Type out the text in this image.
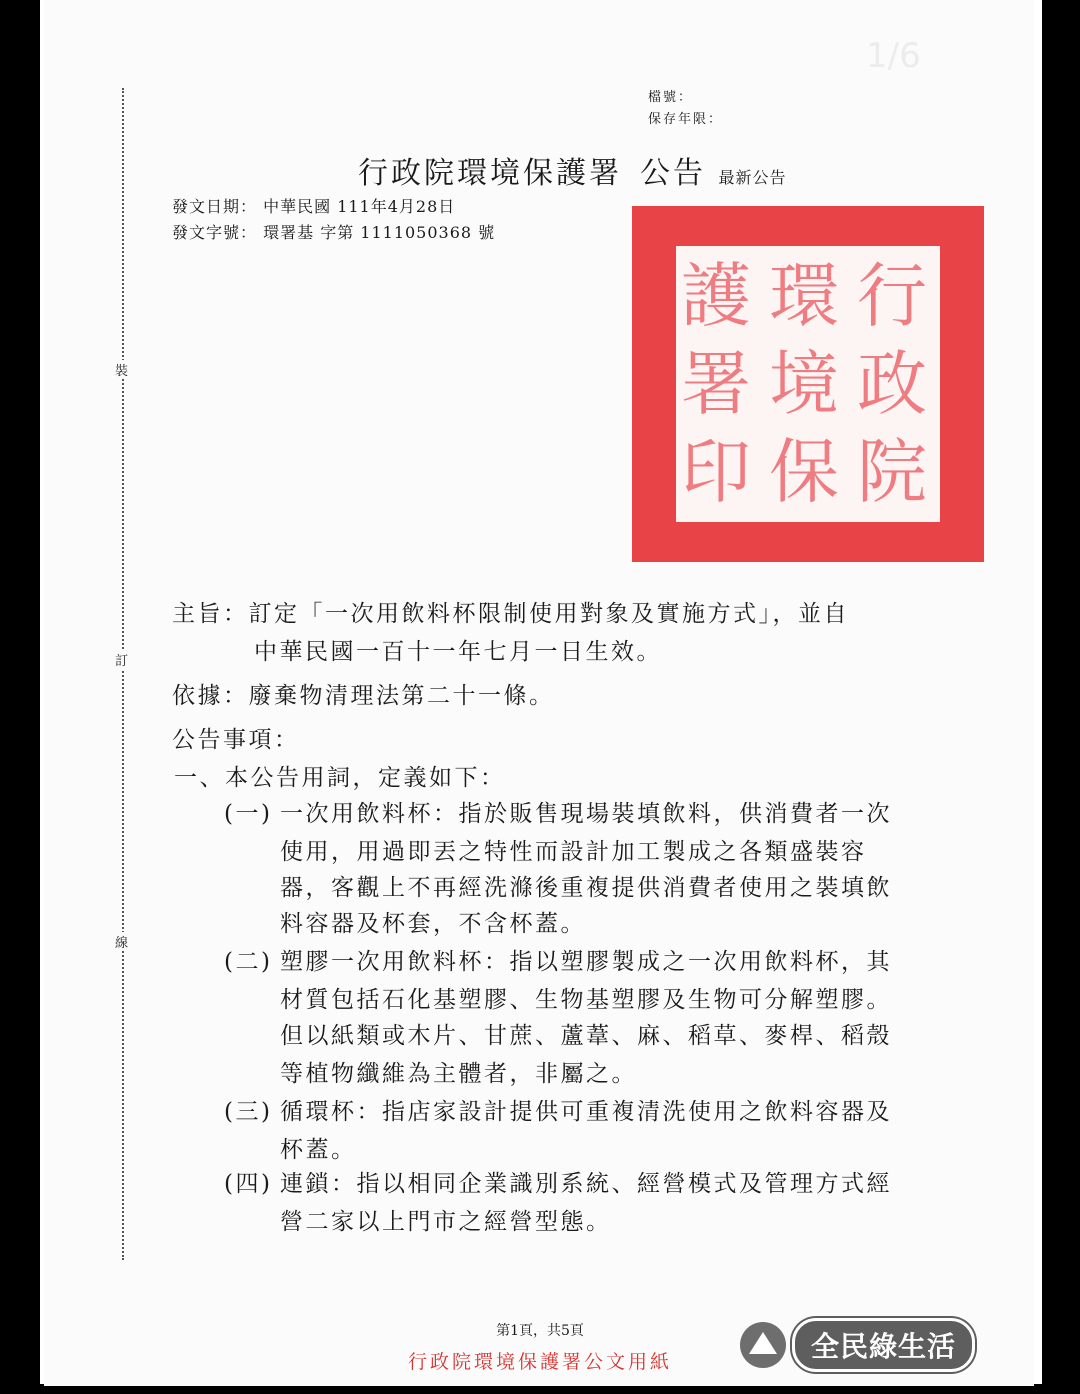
1/6
裝
訂
線
檔號：
保存年限：
行政院環境保護署 公告 最新公告
發文日期： 中華民國 111年4月28日
發文字號： 環署基 字第 1111050368 號
行政院
環境保
護署印
主旨：訂定「一次用飲料杯限制使用對象及實施方式」，並自
中華民國一百十一年七月一日生效。
依據：廢棄物清理法第二十一條。
公告事項：
一、本公告用詞，定義如下：
(一) 一次用飲料杯：指於販售現場裝填飲料，供消費者一次
使用，用過即丟之特性而設計加工製成之各類盛裝容
器，客觀上不再經洗滌後重複提供消費者使用之裝填飲
料容器及杯套，不含杯蓋。
(二) 塑膠一次用飲料杯：指以塑膠製成之一次用飲料杯，其
材質包括石化基塑膠、生物基塑膠及生物可分解塑膠。
但以紙類或木片、甘蔗、蘆葦、麻、稻草、麥桿、稻殼
等植物纖維為主體者，非屬之。
(三) 循環杯：指店家設計提供可重複清洗使用之飲料容器及
杯蓋。
(四) 連鎖：指以相同企業識別系統、經營模式及管理方式經
營二家以上門市之經營型態。
第1頁，共5頁
行政院環境保護署公文用紙	全民綠生活
